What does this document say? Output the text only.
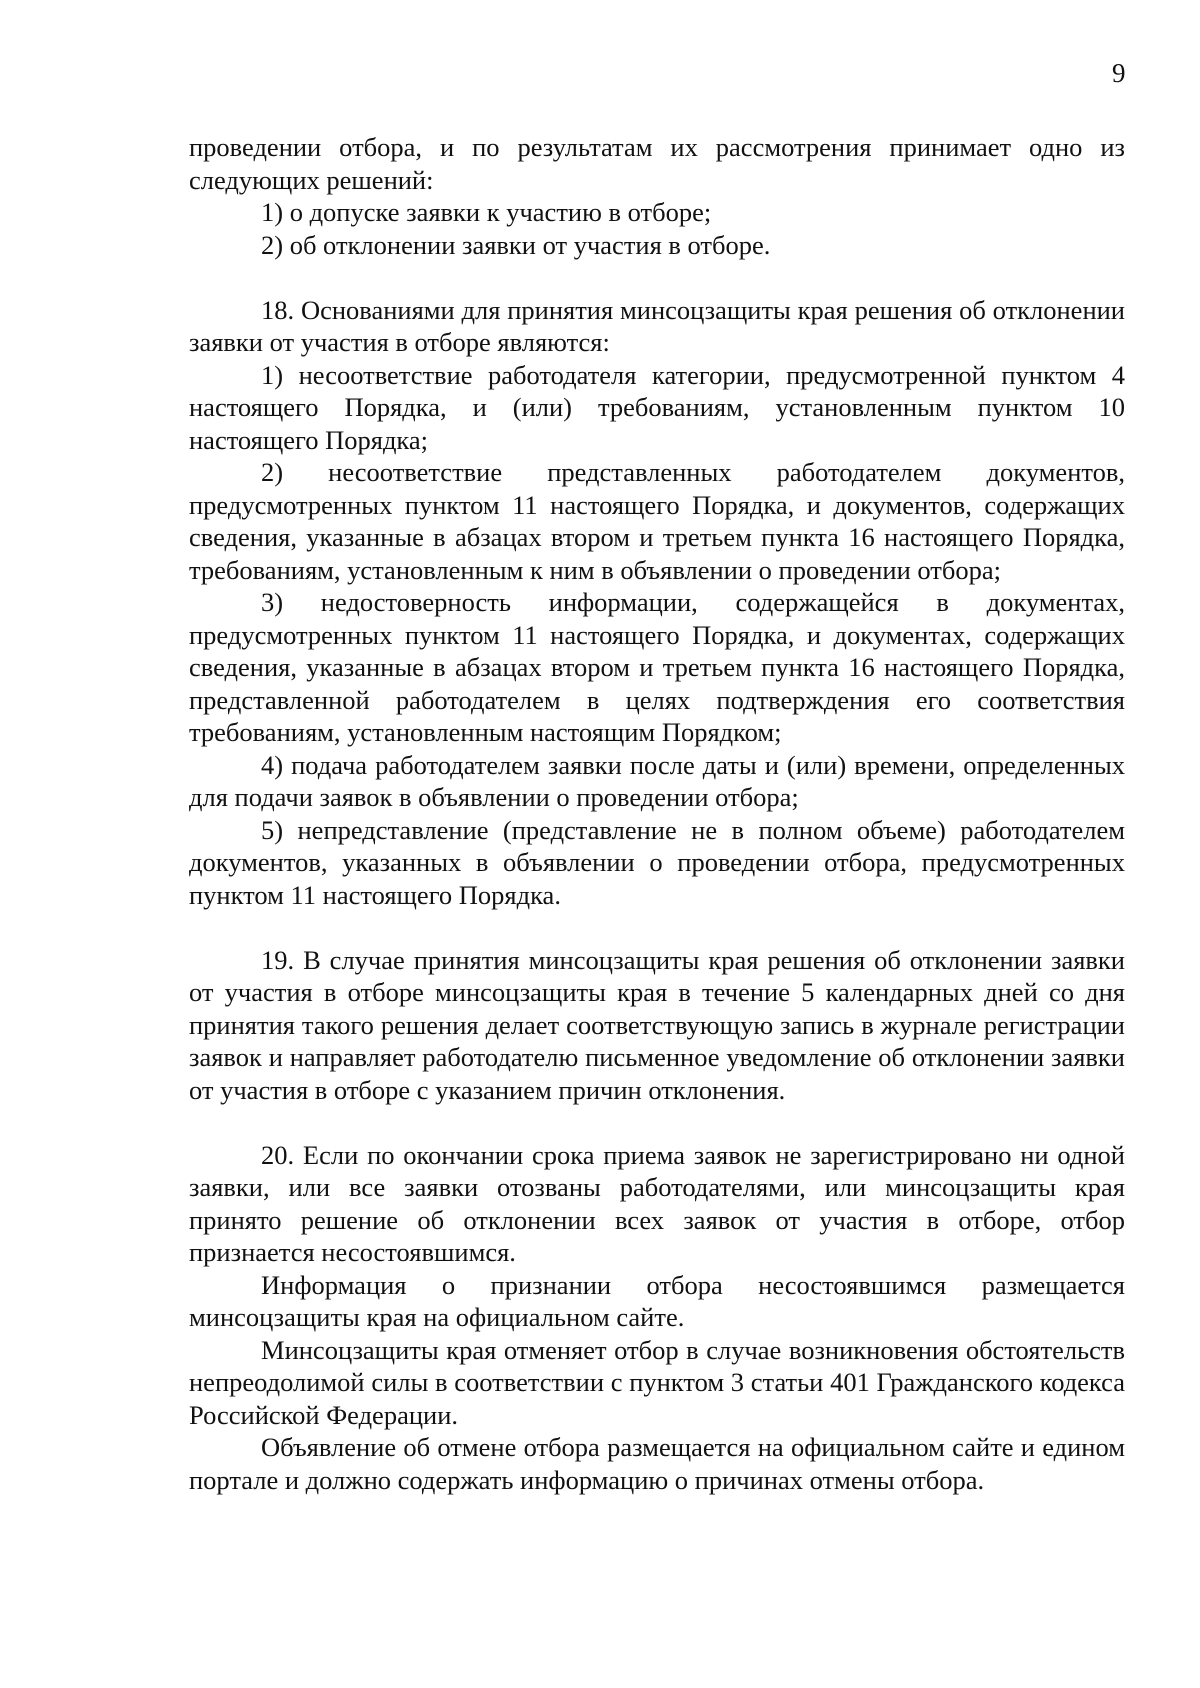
9

проведении отбора, и по результатам их рассмотрения принимает одно из следующих решений:

1) о допуске заявки к участию в отборе;

2) об отклонении заявки от участия в отборе.

18. Основаниями для принятия минсоцзащиты края решения об отклонении заявки от участия в отборе являются:

1) несоответствие работодателя категории, предусмотренной пунктом 4 настоящего Порядка, и (или) требованиям, установленным пунктом 10 настоящего Порядка;

2) несоответствие представленных работодателем документов, предусмотренных пунктом 11 настоящего Порядка, и документов, содержащих сведения, указанные в абзацах втором и третьем пункта 16 настоящего Порядка, требованиям, установленным к ним в объявлении о проведении отбора;

3) недостоверность информации, содержащейся в документах, предусмотренных пунктом 11 настоящего Порядка, и документах, содержащих сведения, указанные в абзацах втором и третьем пункта 16 настоящего Порядка, представленной работодателем в целях подтверждения его соответствия требованиям, установленным настоящим Порядком;

4) подача работодателем заявки после даты и (или) времени, определенных для подачи заявок в объявлении о проведении отбора;

5) непредставление (представление не в полном объеме) работодателем документов, указанных в объявлении о проведении отбора, предусмотренных пунктом 11 настоящего Порядка.

19. В случае принятия минсоцзащиты края решения об отклонении заявки от участия в отборе минсоцзащиты края в течение 5 календарных дней со дня принятия такого решения делает соответствующую запись в журнале регистрации заявок и направляет работодателю письменное уведомление об отклонении заявки от участия в отборе с указанием причин отклонения.

20. Если по окончании срока приема заявок не зарегистрировано ни одной заявки, или все заявки отозваны работодателями, или минсоцзащиты края принято решение об отклонении всех заявок от участия в отборе, отбор признается несостоявшимся.

Информация о признании отбора несостоявшимся размещается минсоцзащиты края на официальном сайте.

Минсоцзащиты края отменяет отбор в случае возникновения обстоятельств непреодолимой силы в соответствии с пунктом 3 статьи 401 Гражданского кодекса Российской Федерации.

Объявление об отмене отбора размещается на официальном сайте и едином портале и должно содержать информацию о причинах отмены отбора.
